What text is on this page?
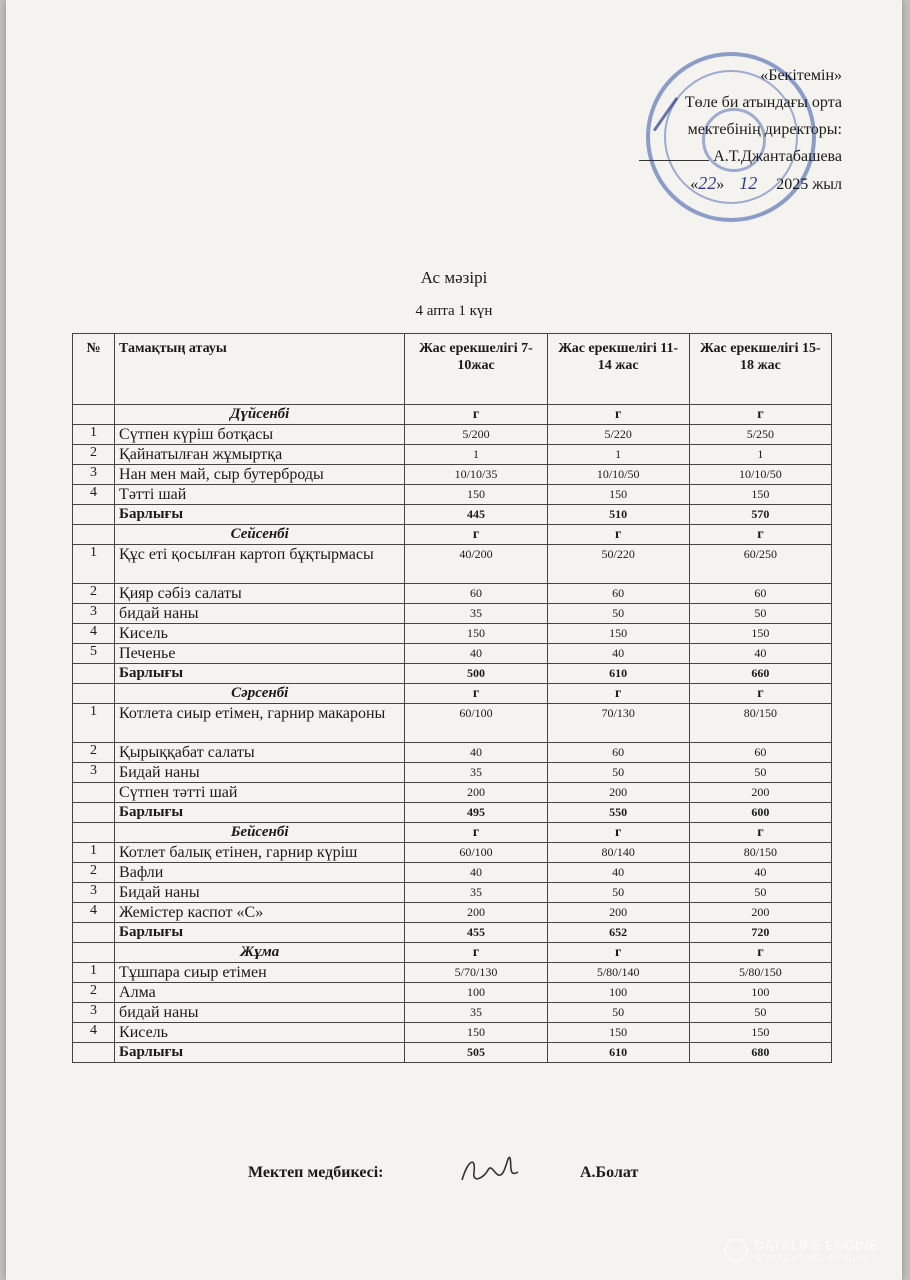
«Бекітемін»
Төле би атындағы орта
мектебінің директоры:
А.Т.Джантабашева
«22» 12 2025 жыл
Ас мәзірі
4 апта 1 күн
№	Тамақтың атауы	Жас ерекшелігі 7-10жас	Жас ерекшелігі 11-14 жас	Жас ерекшелігі 15-18 жас
	Дүйсенбі	г	г	г
1	Сүтпен күріш ботқасы	5/200	5/220	5/250
2	Қайнатылған жұмыртқа	1	1	1
3	Нан мен май, сыр бутерброды	10/10/35	10/10/50	10/10/50
4	Тәтті шай	150	150	150
	Барлығы	445	510	570
	Сейсенбі	г	г	г
1	Құс еті қосылған картоп бұқтырмасы	40/200	50/220	60/250
2	Қияр сәбіз салаты	60	60	60
3	бидай наны	35	50	50
4	Кисель	150	150	150
5	Печенье	40	40	40
	Барлығы	500	610	660
	Сәрсенбі	г	г	г
1	Котлета сиыр етімен, гарнир макароны	60/100	70/130	80/150
2	Қырыққабат салаты	40	60	60
3	Бидай наны	35	50	50
	Сүтпен тәтті шай	200	200	200
	Барлығы	495	550	600
	Бейсенбі	г	г	г
1	Котлет балық етінен, гарнир күріш	60/100	80/140	80/150
2	Вафли	40	40	40
3	Бидай наны	35	50	50
4	Жемістер каспот «С»	200	200	200
	Барлығы	455	652	720
	Жұма	г	г	г
1	Тұшпара сиыр етімен	5/70/130	5/80/140	5/80/150
2	Алма	100	100	100
3	бидай наны	35	50	50
4	Кисель	150	150	150
	Барлығы	505	610	680
Мектеп медбикесі:	А.Болат
DATALIFE ENGINE
SOFTNEWS MEDIA GROUP
